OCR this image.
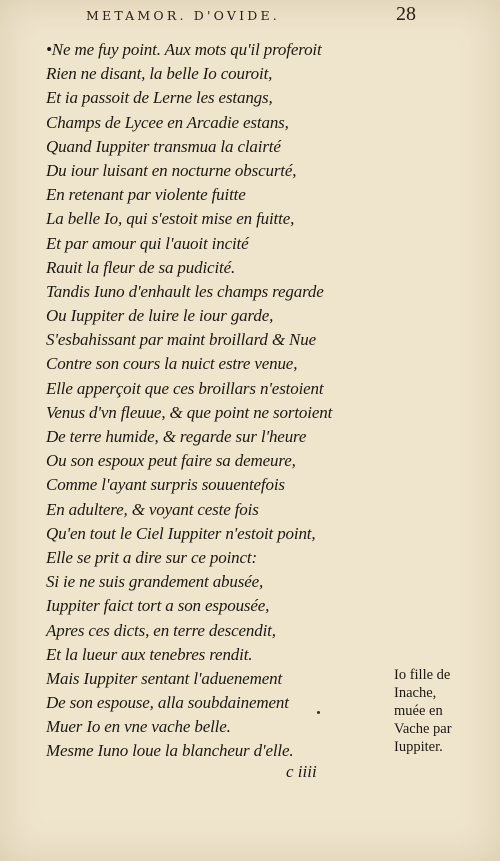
METAMOR. D'OVIDE.	28
•Ne me fuy point. Aux mots qu'il proferoit
Rien ne disant, la belle Io couroit,
Et ia passoit de Lerne les estangs,
Champs de Lycee en Arcadie estans,
Quand Iuppiter transmua la clairté
Du iour luisant en nocturne obscurté,
En retenant par violente fuitte
La belle Io, qui s'estoit mise en fuitte,
Et par amour qui l'auoit incité
Rauit la fleur de sa pudicité.
Tandis Iuno d'enhault les champs regarde
Ou Iuppiter de luire le iour garde,
S'esbahissant par maint broillard & Nue
Contre son cours la nuict estre venue,
Elle apperçoit que ces broillars n'estoient
Venus d'vn fleuue, & que point ne sortoient
De terre humide, & regarde sur l'heure
Ou son espoux peut faire sa demeure,
Comme l'ayant surpris souuentefois
En adultere, & voyant ceste fois
Qu'en tout le Ciel Iuppiter n'estoit point,
Elle se prit a dire sur ce poinct:
Si ie ne suis grandement abusée,
Iuppiter faict tort a son espousée,
Apres ces dicts, en terre descendit,
Et la lueur aux tenebres rendit.
Mais Iuppiter sentant l'aduenement
De son espouse, alla soubdainement
Muer Io en vne vache belle.
Mesme Iuno loue la blancheur d'elle.
Io fille de
Inache,
muée en
Vache par
Iuppiter.
c iiii
